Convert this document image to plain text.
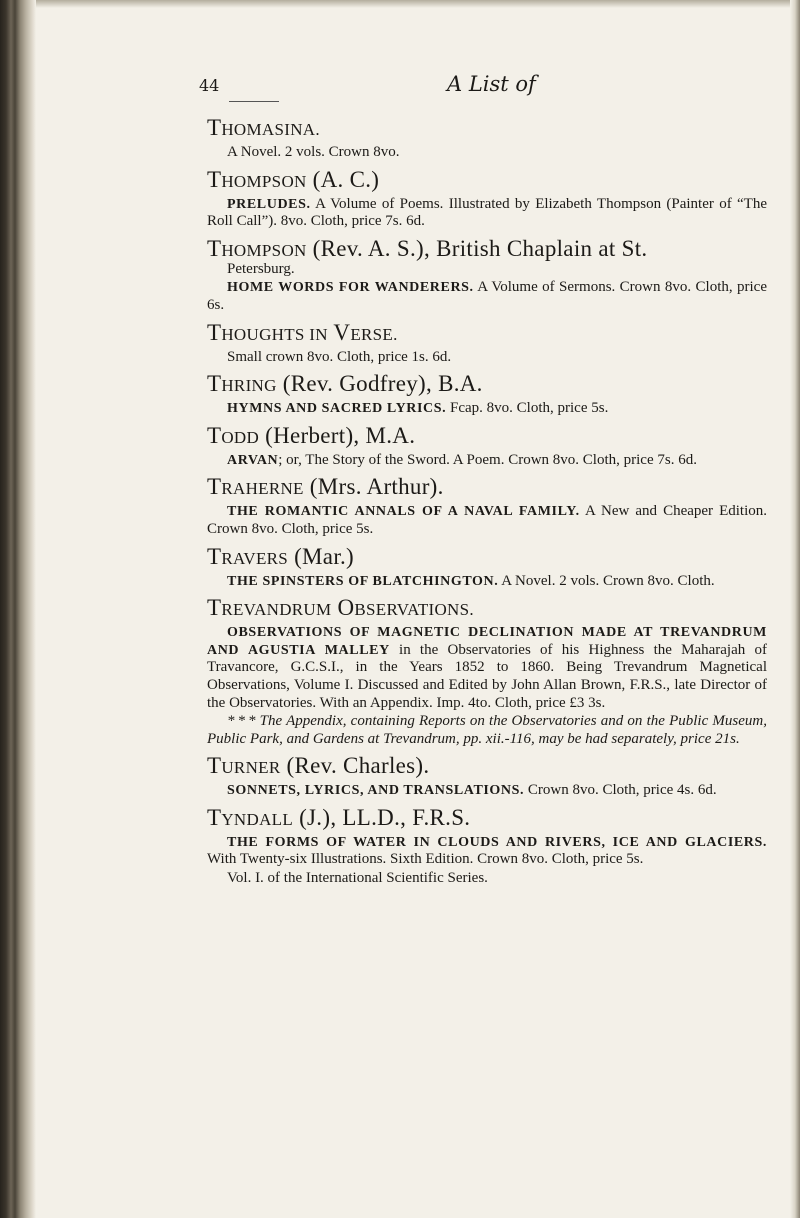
44	A List of
THOMASINA.
A Novel. 2 vols. Crown 8vo.
THOMPSON (A. C.)
PRELUDES. A Volume of Poems. Illustrated by Elizabeth Thompson (Painter of “The Roll Call”). 8vo. Cloth, price 7s. 6d.
THOMPSON (Rev. A. S.), British Chaplain at St.
Petersburg.
HOME WORDS FOR WANDERERS. A Volume of Sermons. Crown 8vo. Cloth, price 6s.
THOUGHTS IN VERSE.
Small crown 8vo. Cloth, price 1s. 6d.
THRING (Rev. Godfrey), B.A.
HYMNS AND SACRED LYRICS. Fcap. 8vo. Cloth, price 5s.
TODD (Herbert), M.A.
ARVAN; or, The Story of the Sword. A Poem. Crown 8vo. Cloth, price 7s. 6d.
TRAHERNE (Mrs. Arthur).
THE ROMANTIC ANNALS OF A NAVAL FAMILY. A New and Cheaper Edition. Crown 8vo. Cloth, price 5s.
TRAVERS (Mar.)
THE SPINSTERS OF BLATCHINGTON. A Novel. 2 vols. Crown 8vo. Cloth.
TREVANDRUM OBSERVATIONS.
OBSERVATIONS OF MAGNETIC DECLINATION MADE AT TREVANDRUM AND AGUSTIA MALLEY in the Observatories of his Highness the Maharajah of Travancore, G.C.S.I., in the Years 1852 to 1860. Being Trevandrum Magnetical Observations, Volume I. Discussed and Edited by John Allan Brown, F.R.S., late Director of the Observatories. With an Appendix. Imp. 4to. Cloth, price £3 3s.
* * * The Appendix, containing Reports on the Observatories and on the Public Museum, Public Park, and Gardens at Trevandrum, pp. xii.-116, may be had separately, price 21s.
TURNER (Rev. Charles).
SONNETS, LYRICS, AND TRANSLATIONS. Crown 8vo. Cloth, price 4s. 6d.
TYNDALL (J.), LL.D., F.R.S.
THE FORMS OF WATER IN CLOUDS AND RIVERS, ICE AND GLACIERS. With Twenty-six Illustrations. Sixth Edition. Crown 8vo. Cloth, price 5s.
Vol. I. of the International Scientific Series.
